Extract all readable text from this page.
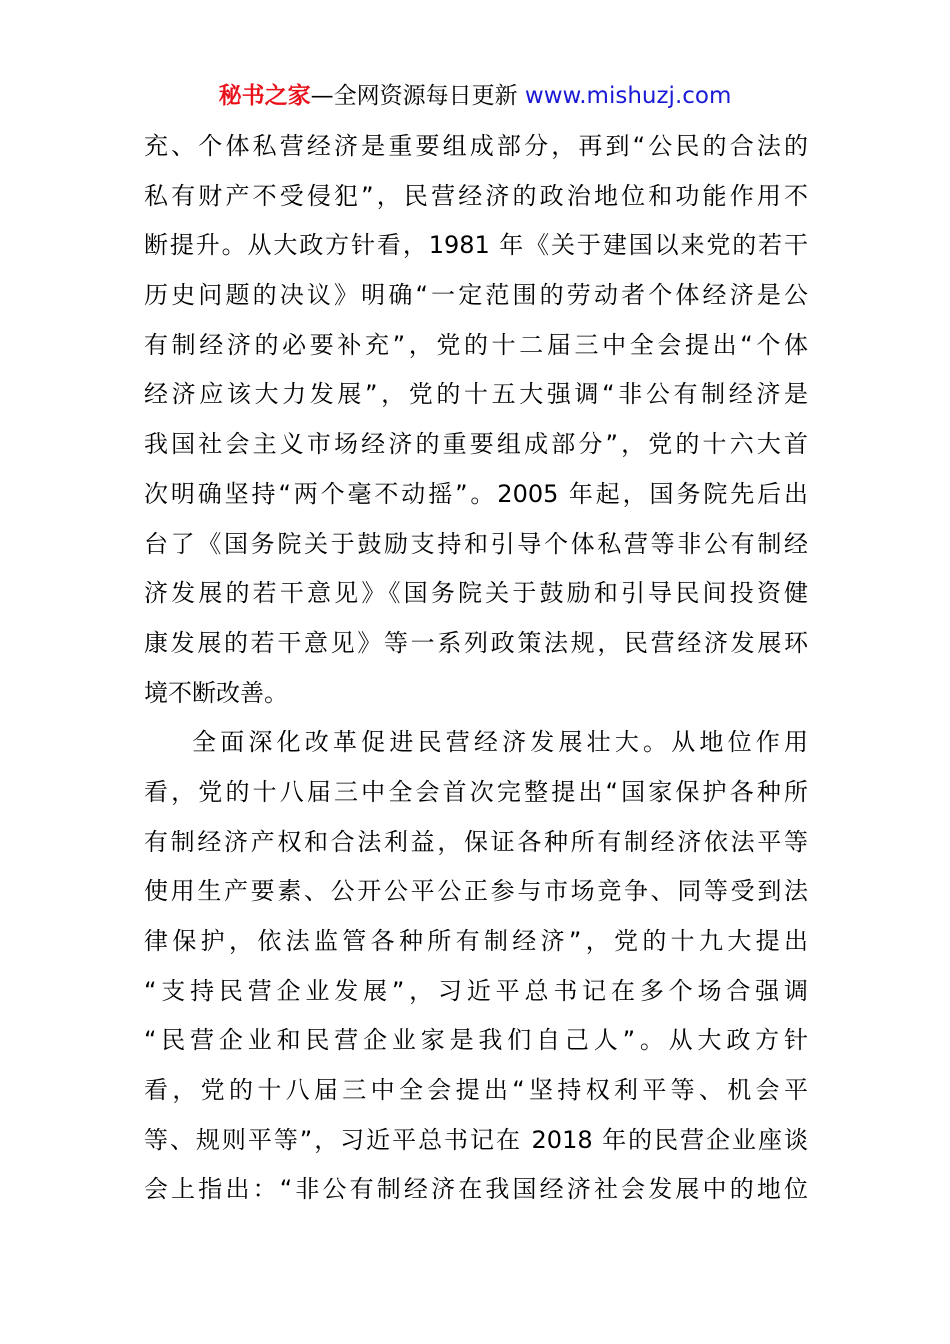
秘书之家—全网资源每日更新 www.mishuzj.com
充、个体私营经济是重要组成部分，再到“公民的合法的
私有财产不受侵犯”，民营经济的政治地位和功能作用不
断提升。从大政方针看，1981 年《关于建国以来党的若干
历史问题的决议》明确“一定范围的劳动者个体经济是公
有制经济的必要补充”，党的十二届三中全会提出“个体
经济应该大力发展”，党的十五大强调“非公有制经济是
我国社会主义市场经济的重要组成部分”，党的十六大首
次明确坚持“两个毫不动摇”。2005 年起，国务院先后出
台了《国务院关于鼓励支持和引导个体私营等非公有制经
济发展的若干意见》《国务院关于鼓励和引导民间投资健
康发展的若干意见》等一系列政策法规，民营经济发展环
境不断改善。
全面深化改革促进民营经济发展壮大。从地位作用
看，党的十八届三中全会首次完整提出“国家保护各种所
有制经济产权和合法利益，保证各种所有制经济依法平等
使用生产要素、公开公平公正参与市场竞争、同等受到法
律保护，依法监管各种所有制经济”，党的十九大提出
“支持民营企业发展”，习近平总书记在多个场合强调
“民营企业和民营企业家是我们自己人”。从大政方针
看，党的十八届三中全会提出“坚持权利平等、机会平
等、规则平等”，习近平总书记在 2018 年的民营企业座谈
会上指出：“非公有制经济在我国经济社会发展中的地位
